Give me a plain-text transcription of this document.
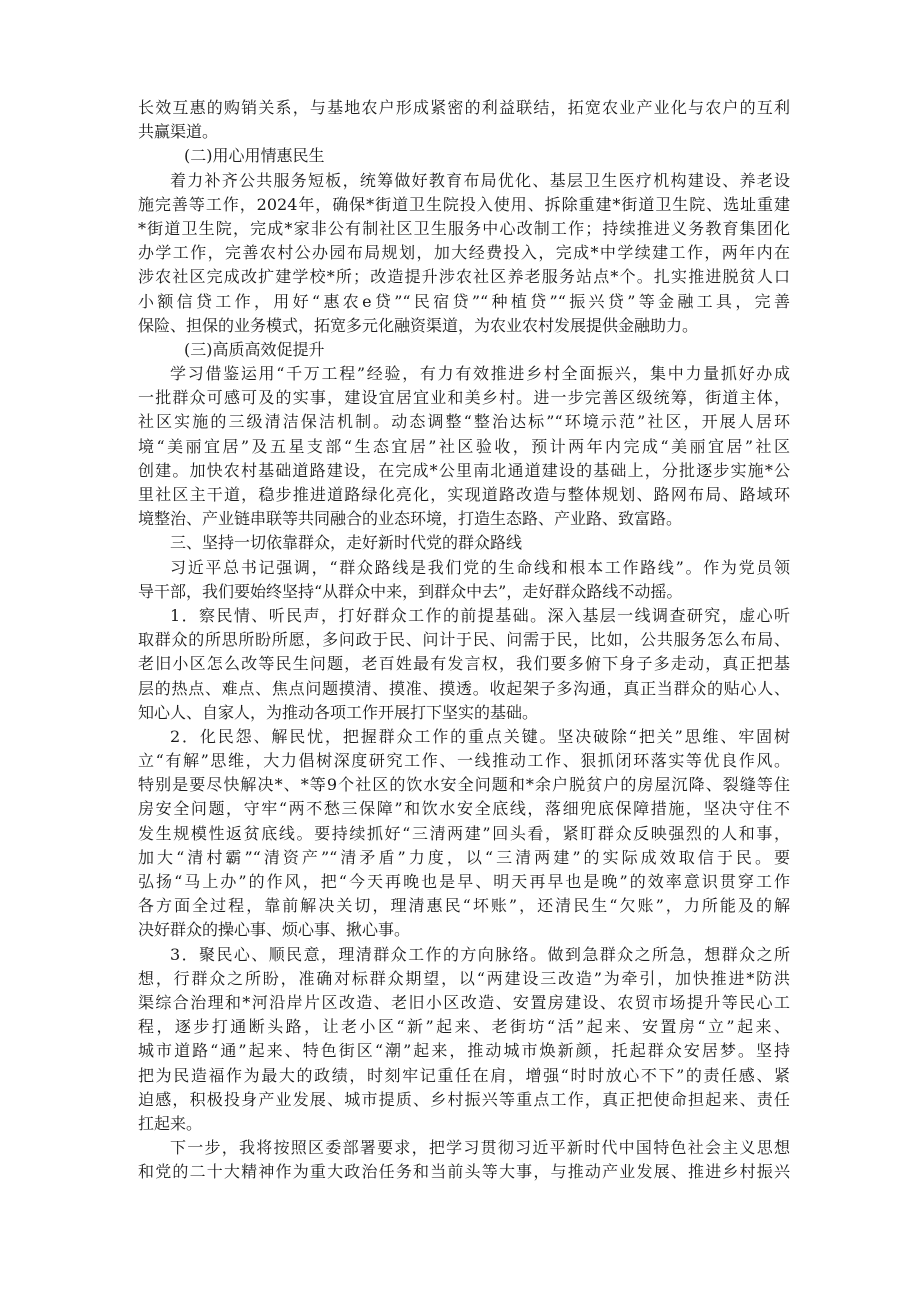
长效互惠的购销关系，与基地农户形成紧密的利益联结，拓宽农业产业化与农户的互利
共赢渠道。
(二)用心用情惠民生
着力补齐公共服务短板，统筹做好教育布局优化、基层卫生医疗机构建设、养老设
施完善等工作，2024年，确保*街道卫生院投入使用、拆除重建*街道卫生院、选址重建
*街道卫生院，完成*家非公有制社区卫生服务中心改制工作；持续推进义务教育集团化
办学工作，完善农村公办园布局规划，加大经费投入，完成*中学续建工作，两年内在
涉农社区完成改扩建学校*所；改造提升涉农社区养老服务站点*个。扎实推进脱贫人口
小额信贷工作，用好“惠农e贷”“民宿贷”“种植贷”“振兴贷”等金融工具，完善
保险、担保的业务模式，拓宽多元化融资渠道，为农业农村发展提供金融助力。
(三)高质高效促提升
学习借鉴运用“千万工程”经验，有力有效推进乡村全面振兴，集中力量抓好办成
一批群众可感可及的实事，建设宜居宜业和美乡村。进一步完善区级统筹，街道主体，
社区实施的三级清洁保洁机制。动态调整“整治达标”“环境示范”社区，开展人居环
境“美丽宜居”及五星支部“生态宜居”社区验收，预计两年内完成“美丽宜居”社区
创建。加快农村基础道路建设，在完成*公里南北通道建设的基础上，分批逐步实施*公
里社区主干道，稳步推进道路绿化亮化，实现道路改造与整体规划、路网布局、路域环
境整治、产业链串联等共同融合的业态环境，打造生态路、产业路、致富路。
三、坚持一切依靠群众，走好新时代党的群众路线
习近平总书记强调，“群众路线是我们党的生命线和根本工作路线”。作为党员领
导干部，我们要始终坚持“从群众中来，到群众中去”，走好群众路线不动摇。
1．察民情、听民声，打好群众工作的前提基础。深入基层一线调查研究，虚心听
取群众的所思所盼所愿，多问政于民、问计于民、问需于民，比如，公共服务怎么布局、
老旧小区怎么改等民生问题，老百姓最有发言权，我们要多俯下身子多走动，真正把基
层的热点、难点、焦点问题摸清、摸准、摸透。收起架子多沟通，真正当群众的贴心人、
知心人、自家人，为推动各项工作开展打下坚实的基础。
2．化民怨、解民忧，把握群众工作的重点关键。坚决破除“把关”思维、牢固树
立“有解”思维，大力倡树深度研究工作、一线推动工作、狠抓闭环落实等优良作风。
特别是要尽快解决*、*等9个社区的饮水安全问题和*余户脱贫户的房屋沉降、裂缝等住
房安全问题，守牢“两不愁三保障”和饮水安全底线，落细兜底保障措施，坚决守住不
发生规模性返贫底线。要持续抓好“三清两建”回头看，紧盯群众反映强烈的人和事，
加大“清村霸”“清资产”“清矛盾”力度，以“三清两建”的实际成效取信于民。要
弘扬“马上办”的作风，把“今天再晚也是早、明天再早也是晚”的效率意识贯穿工作
各方面全过程，靠前解决关切，理清惠民“坏账”，还清民生“欠账”，力所能及的解
决好群众的操心事、烦心事、揪心事。
3．聚民心、顺民意，理清群众工作的方向脉络。做到急群众之所急，想群众之所
想，行群众之所盼，准确对标群众期望，以“两建设三改造”为牵引，加快推进*防洪
渠综合治理和*河沿岸片区改造、老旧小区改造、安置房建设、农贸市场提升等民心工
程，逐步打通断头路，让老小区“新”起来、老街坊“活”起来、安置房“立”起来、
城市道路“通”起来、特色街区“潮”起来，推动城市焕新颜，托起群众安居梦。坚持
把为民造福作为最大的政绩，时刻牢记重任在肩，增强“时时放心不下”的责任感、紧
迫感，积极投身产业发展、城市提质、乡村振兴等重点工作，真正把使命担起来、责任
扛起来。
下一步，我将按照区委部署要求，把学习贯彻习近平新时代中国特色社会主义思想
和党的二十大精神作为重大政治任务和当前头等大事，与推动产业发展、推进乡村振兴
